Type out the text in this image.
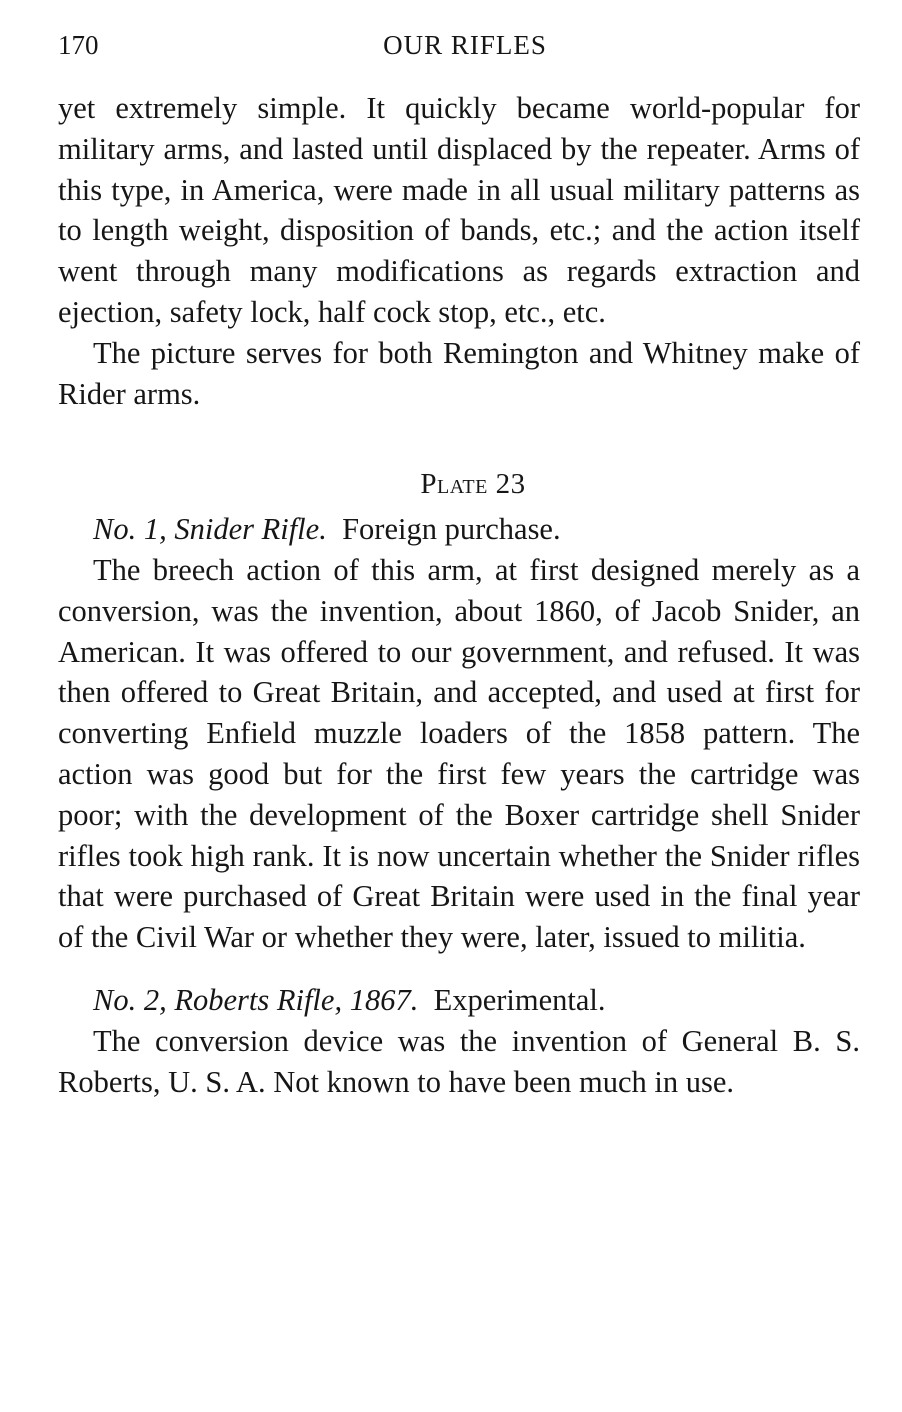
170	OUR RIFLES

yet extremely simple. It quickly became world-popular for military arms, and lasted until displaced by the repeater. Arms of this type, in America, were made in all usual military patterns as to length weight, disposition of bands, etc.; and the action itself went through many modifications as regards extraction and ejection, safety lock, half cock stop, etc., etc.

The picture serves for both Remington and Whitney make of Rider arms.

Plate 23

No. 1, Snider Rifle. Foreign purchase.

The breech action of this arm, at first designed merely as a conversion, was the invention, about 1860, of Jacob Snider, an American. It was offered to our government, and refused. It was then offered to Great Britain, and accepted, and used at first for converting Enfield muzzle loaders of the 1858 pattern. The action was good but for the first few years the cartridge was poor; with the development of the Boxer cartridge shell Snider rifles took high rank. It is now uncertain whether the Snider rifles that were purchased of Great Britain were used in the final year of the Civil War or whether they were, later, issued to militia.

No. 2, Roberts Rifle, 1867. Experimental.

The conversion device was the invention of General B. S. Roberts, U. S. A. Not known to have been much in use.
